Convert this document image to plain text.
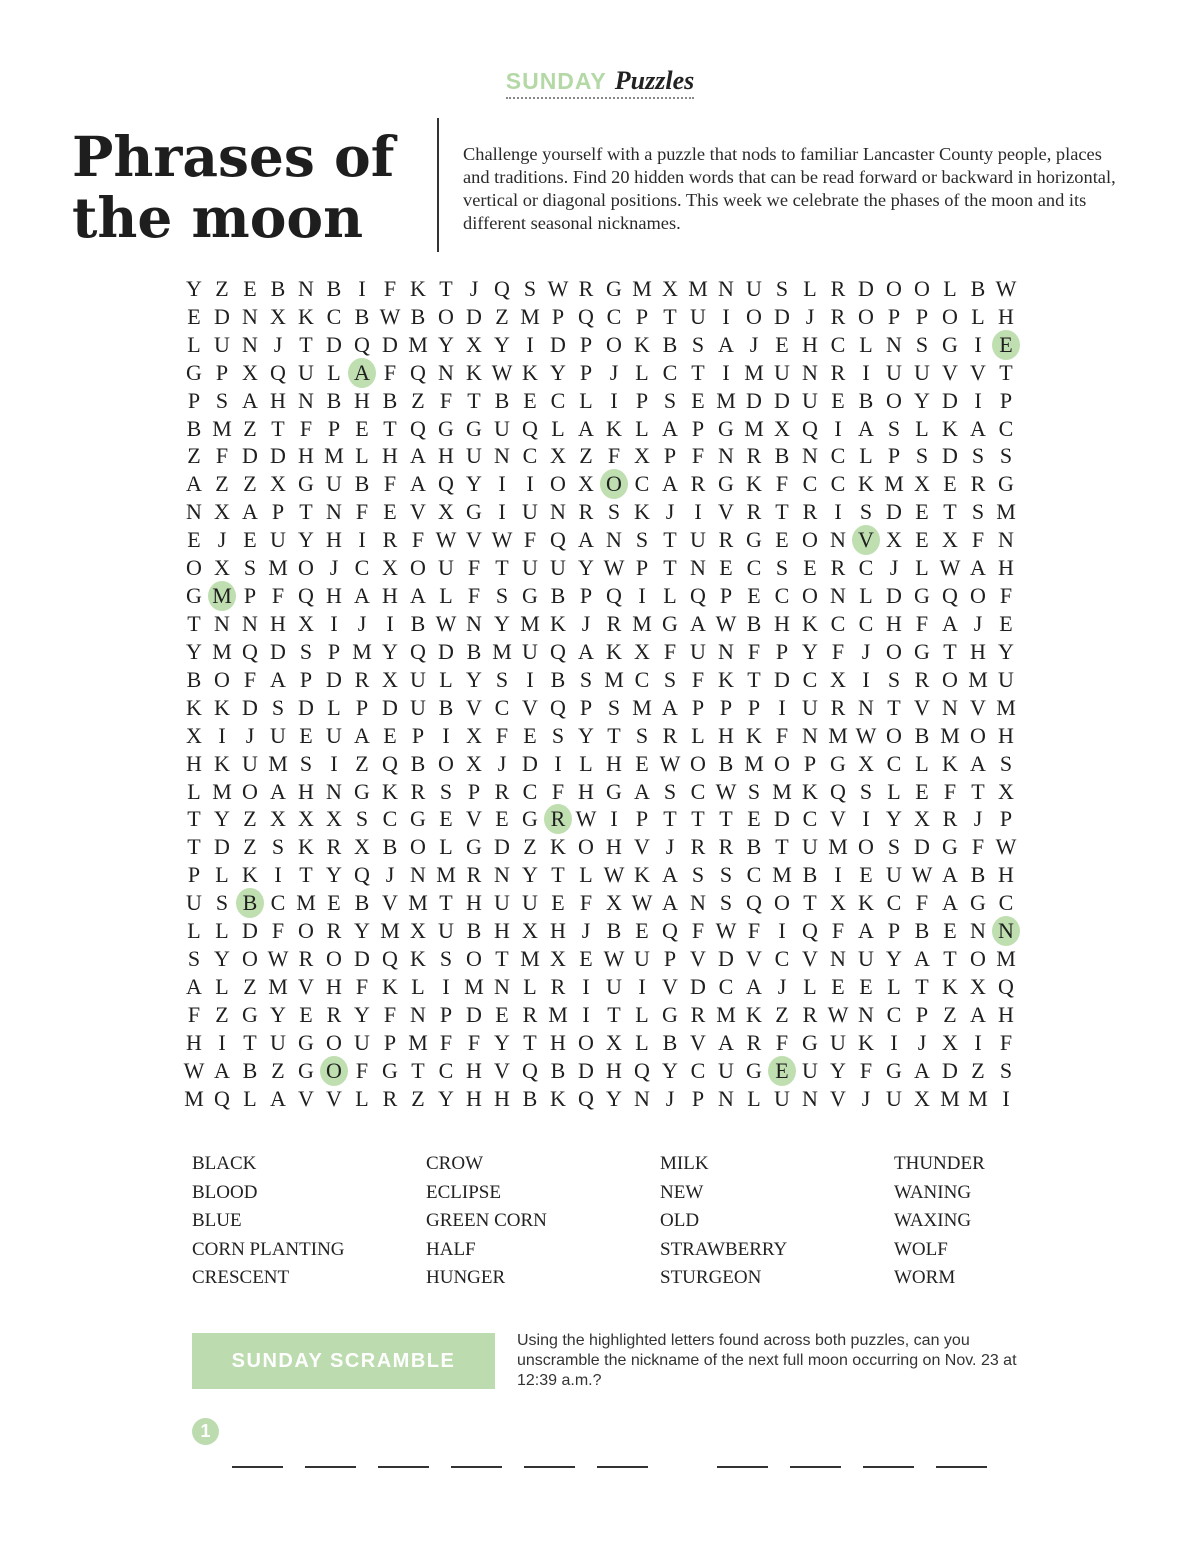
SUNDAY Puzzles
Phrases of the moon

Challenge yourself with a puzzle that nods to familiar Lancaster County people, places and traditions. Find 20 hidden words that can be read forward or backward in horizontal, vertical or diagonal positions. This week we celebrate the phases of the moon and its different seasonal nicknames.

Y Z E B N B I F K T J Q S W R G M X M N U S L R D O O L B W
E D N X K C B W B O D Z M P Q C P T U I O D J R O P P O L H
L U N J T D Q D M Y X Y I D P O K B S A J E H C L N S G I E
G P X Q U L A F Q N K W K Y P J L C T I M U N R I U U V V T
P S A H N B H B Z F T B E C L I P S E M D D U E B O Y D I P
B M Z T F P E T Q G G U Q L A K L A P G M X Q I A S L K A C
Z F D D H M L H A H U N C X Z F X P F N R B N C L P S D S S
A Z Z X G U B F A Q Y I I O X O C A R G K F C C K M X E R G
N X A P T N F E V X G I U N R S K J I V R T R I S D E T S M
E J E U Y H I R F W V W F Q A N S T U R G E O N V X E X F N
O X S M O J C X O U F T U U Y W P T N E C S E R C J L W A H
G M P F Q H A H A L F S G B P Q I L Q P E C O N L D G Q O F
T N N H X I J I B W N Y M K J R M G A W B H K C C H F A J E
Y M Q D S P M Y Q D B M U Q A K X F U N F P Y F J O G T H Y
B O F A P D R X U L Y S I B S M C S F K T D C X I S R O M U
K K D S D L P D U B V C V Q P S M A P P P I U R N T V N V M
X I J U E U A E P I X F E S Y T S R L H K F N M W O B M O H
H K U M S I Z Q B O X J D I L H E W O B M O P G X C L K A S
L M O A H N G K R S P R C F H G A S C W S M K Q S L E F T X
T Y Z X X X S C G E V E G R W I P T T T E D C V I Y X R J P
T D Z S K R X B O L G D Z K O H V J R R B T U M O S D G F W
P L K I T Y Q J N M R N Y T L W K A S S C M B I E U W A B H
U S B C M E B V M T H U U E F X W A N S Q O T X K C F A G C
L L D F O R Y M X U B H X H J B E Q F W F I Q F A P B E N N
S Y O W R O D Q K S O T M X E W U P V D V C V N U Y A T O M
A L Z M V H F K L I M N L R I U I V D C A J L E E L T K X Q
F Z G Y E R Y F N P D E R M I T L G R M K Z R W N C P Z A H
H I T U G O U P M F F Y T H O X L B V A R F G U K I J X I F
W A B Z G O F G T C H V Q B D H Q Y C U G E U Y F G A D Z S
M Q L A V V L R Z Y H H B K Q Y N J P N L U N V J U X M M I
BLACK
BLOOD
BLUE
CORN PLANTING
CRESCENT
CROW
ECLIPSE
GREEN CORN
HALF
HUNGER
MILK
NEW
OLD
STRAWBERRY
STURGEON
THUNDER
WANING
WAXING
WOLF
WORM
SUNDAY SCRAMBLE

Using the highlighted letters found across both puzzles, can you unscramble the nickname of the next full moon occurring on Nov. 23 at 12:39 a.m.?

1
